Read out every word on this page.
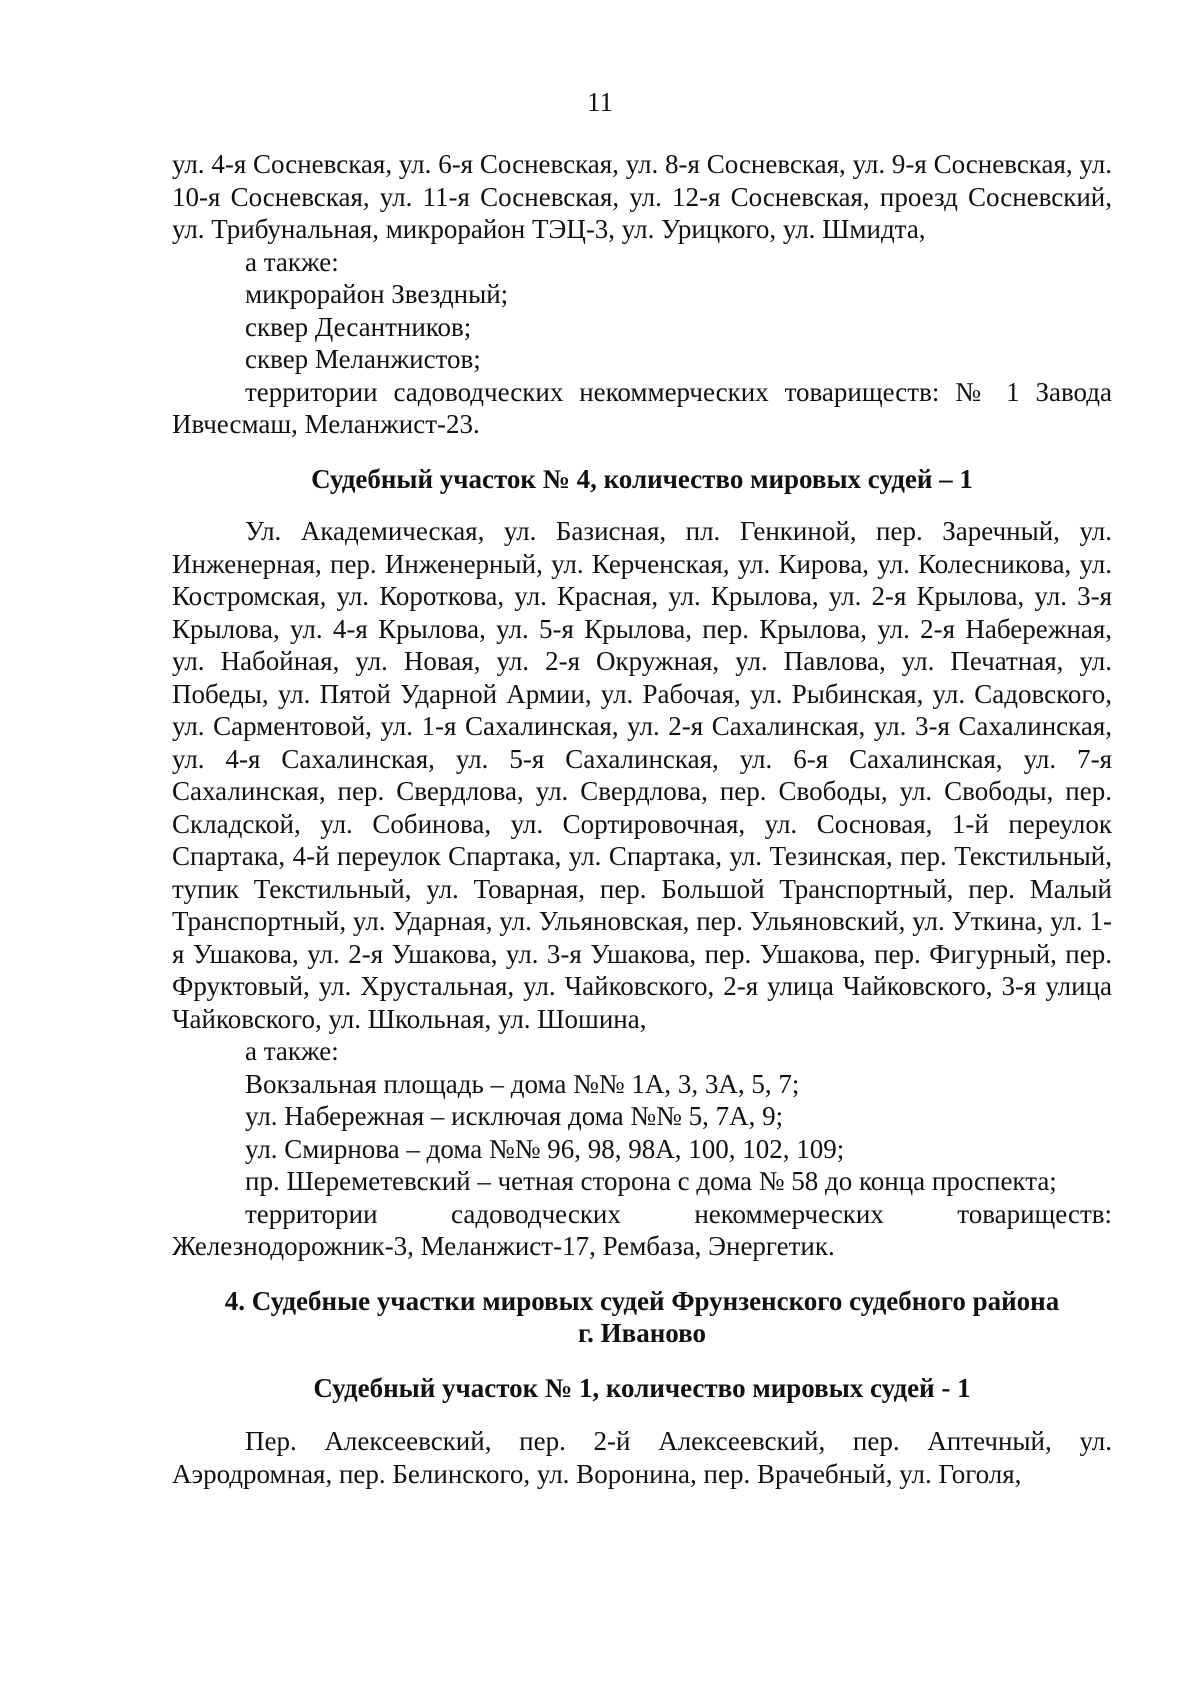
11

ул. 4-я Сосневская, ул. 6-я Сосневская, ул. 8-я Сосневская, ул. 9-я Сосневская, ул. 10-я Сосневская, ул. 11-я Сосневская, ул. 12-я Сосневская, проезд Сосневский, ул. Трибунальная, микрорайон ТЭЦ-3, ул. Урицкого, ул. Шмидта,

а также:

микрорайон Звездный;

сквер Десантников;

сквер Меланжистов;

территории садоводческих некоммерческих товариществ: № 1 Завода Ивчесмаш, Меланжист-23.

Судебный участок № 4, количество мировых судей – 1

Ул. Академическая, ул. Базисная, пл. Генкиной, пер. Заречный, ул. Инженерная, пер. Инженерный, ул. Керченская, ул. Кирова, ул. Колесникова, ул. Костромская, ул. Короткова, ул. Красная, ул. Крылова, ул. 2-я Крылова, ул. 3-я Крылова, ул. 4-я Крылова, ул. 5-я Крылова, пер. Крылова, ул. 2-я Набережная, ул. Набойная, ул. Новая, ул. 2-я Окружная, ул. Павлова, ул. Печатная, ул. Победы, ул. Пятой Ударной Армии, ул. Рабочая, ул. Рыбинская, ул. Садовского, ул. Сарментовой, ул. 1-я Сахалинская, ул. 2-я Сахалинская, ул. 3-я Сахалинская, ул. 4-я Сахалинская, ул. 5-я Сахалинская, ул. 6-я Сахалинская, ул. 7-я Сахалинская, пер. Свердлова, ул. Свердлова, пер. Свободы, ул. Свободы, пер. Складской, ул. Собинова, ул. Сортировочная, ул. Сосновая, 1-й переулок Спартака, 4-й переулок Спартака, ул. Спартака, ул. Тезинская, пер. Текстильный, тупик Текстильный, ул. Товарная, пер. Большой Транспортный, пер. Малый Транспортный, ул. Ударная, ул. Ульяновская, пер. Ульяновский, ул. Уткина, ул. 1-я Ушакова, ул. 2-я Ушакова, ул. 3-я Ушакова, пер. Ушакова, пер. Фигурный, пер. Фруктовый, ул. Хрустальная, ул. Чайковского, 2-я улица Чайковского, 3-я улица Чайковского, ул. Школьная, ул. Шошина,

а также:

Вокзальная площадь – дома №№ 1А, 3, 3А, 5, 7;

ул. Набережная – исключая дома №№ 5, 7А, 9;

ул. Смирнова – дома №№ 96, 98, 98А, 100, 102, 109;

пр. Шереметевский – четная сторона с дома № 58 до конца проспекта;

территории садоводческих некоммерческих товариществ:

Железнодорожник-3, Меланжист-17, Рембаза, Энергетик.

4. Судебные участки мировых судей Фрунзенского судебного района

г. Иваново

Судебный участок № 1, количество мировых судей - 1

Пер. Алексеевский, пер. 2-й Алексеевский, пер. Аптечный, ул. Аэродромная, пер. Белинского, ул. Воронина, пер. Врачебный, ул. Гоголя,
